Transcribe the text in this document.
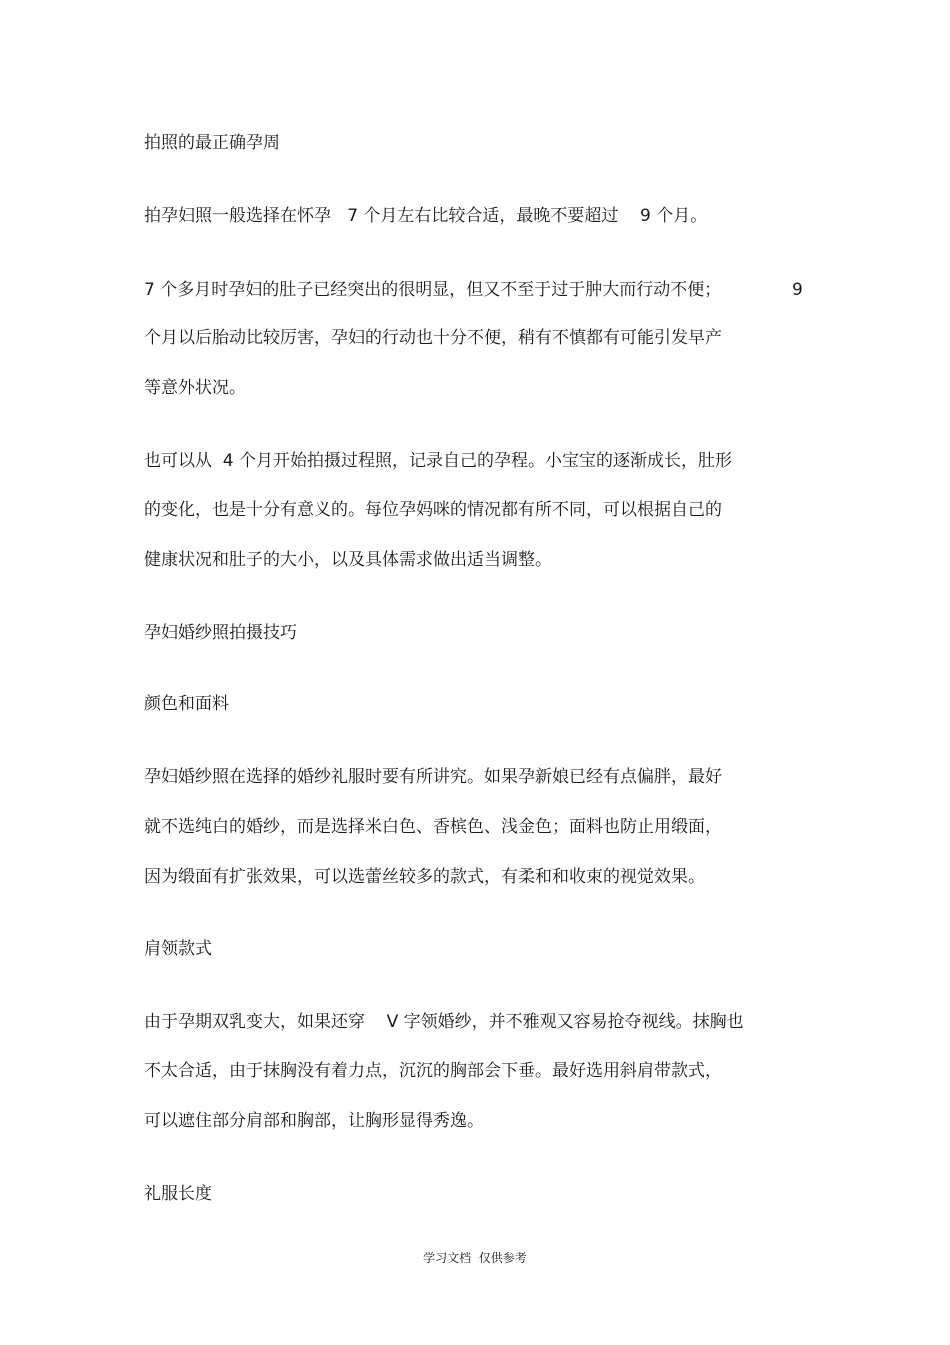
拍照的最正确孕周

拍孕妇照一般选择在怀孕   7 个月左右比较合适，最晚不要超过    9 个月。

7 个多月时孕妇的肚子已经突出的很明显，但又不至于过于肿大而行动不便；	9

个月以后胎动比较厉害，孕妇的行动也十分不便，稍有不慎都有可能引发早产

等意外状况。

也可以从  4 个月开始拍摄过程照，记录自己的孕程。小宝宝的逐渐成长，肚形

的变化，也是十分有意义的。每位孕妈咪的情况都有所不同，可以根据自己的

健康状况和肚子的大小，以及具体需求做出适当调整。

孕妇婚纱照拍摄技巧

颜色和面料

孕妇婚纱照在选择的婚纱礼服时要有所讲究。如果孕新娘已经有点偏胖，最好

就不选纯白的婚纱，而是选择米白色、香槟色、浅金色；面料也防止用缎面，

因为缎面有扩张效果，可以选蕾丝较多的款式，有柔和和收束的视觉效果。

肩领款式

由于孕期双乳变大，如果还穿    V 字领婚纱，并不雅观又容易抢夺视线。抹胸也

不太合适，由于抹胸没有着力点，沉沉的胸部会下垂。最好选用斜肩带款式，

可以遮住部分肩部和胸部，让胸形显得秀逸。

礼服长度

学习文档  仅供参考
